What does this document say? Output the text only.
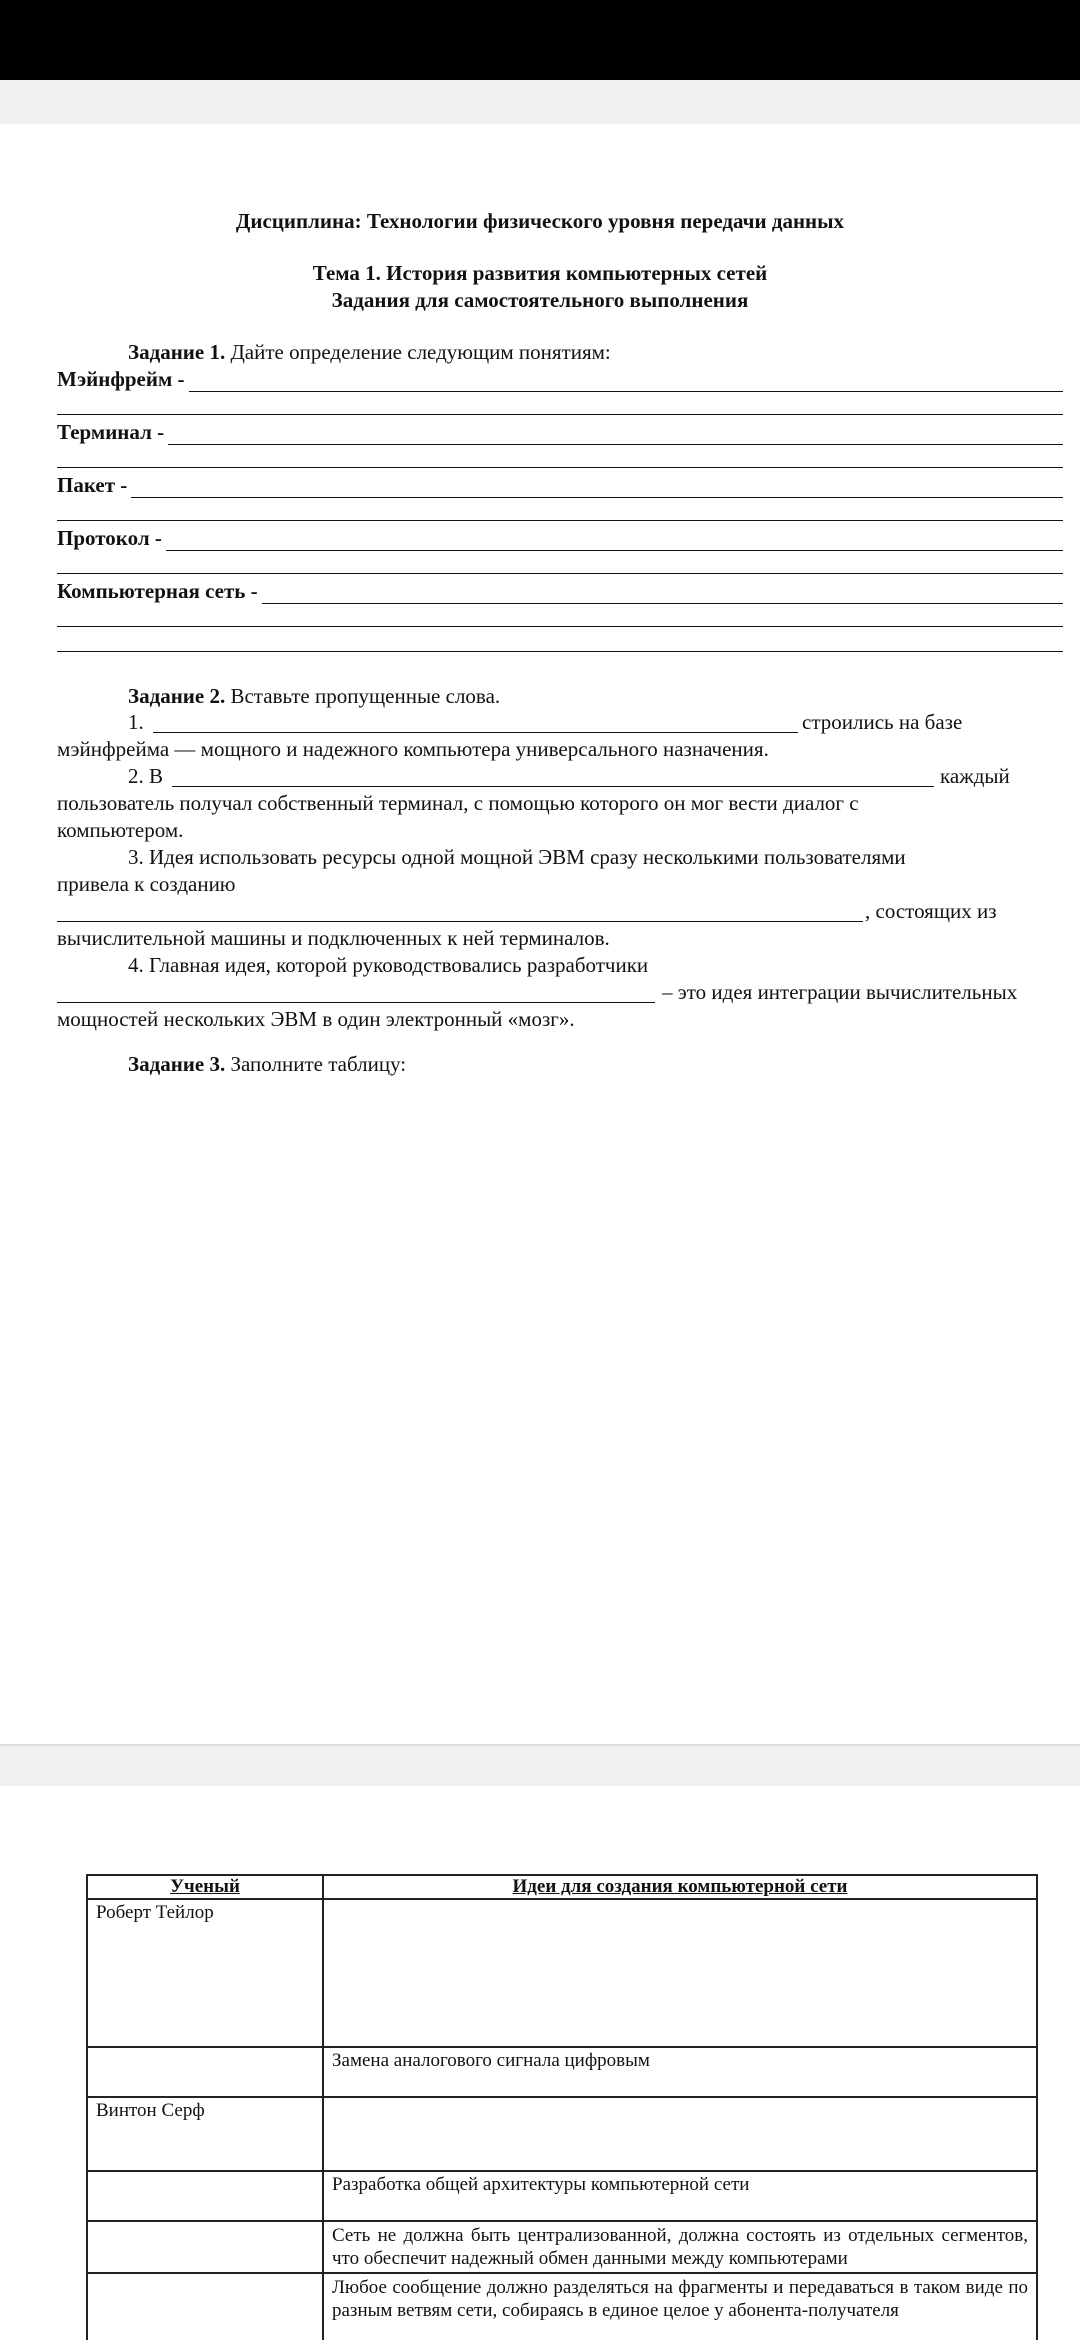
Дисциплина: Технологии физического уровня передачи данных
Тема 1. История развития компьютерных сетей
Задания для самостоятельного выполнения
Задание 1. Дайте определение следующим понятиям:
Мэйнфрейм -
Терминал -
Пакет -
Протокол -
Компьютерная сеть -
Задание 2. Вставьте пропущенные слова.
1.	строились на базе
мэйнфрейма — мощного и надежного компьютера универсального назначения.
2. В	каждый
пользователь получал собственный терминал, с помощью которого он мог вести диалог с
компьютером.
3. Идея использовать ресурсы одной мощной ЭВМ сразу несколькими пользователями
привела к созданию
, состоящих из
вычислительной машины и подключенных к ней терминалов.
4. Главная идея, которой руководствовались разработчики
– это идея интеграции вычислительных
мощностей нескольких ЭВМ в один электронный «мозг».
Задание 3. Заполните таблицу:
Ученый	Идеи для создания компьютерной сети
Роберт Тейлор	
	Замена аналогового сигнала цифровым
Винтон Серф	
	Разработка общей архитектуры компьютерной сети
	Сеть не должна быть централизованной, должна состоять из отдельных сегментов, что обеспечит надежный обмен данными между компьютерами
	Любое сообщение должно разделяться на фрагменты и передаваться в таком виде по разным ветвям сети, собираясь в единое целое у абонента-получателя
